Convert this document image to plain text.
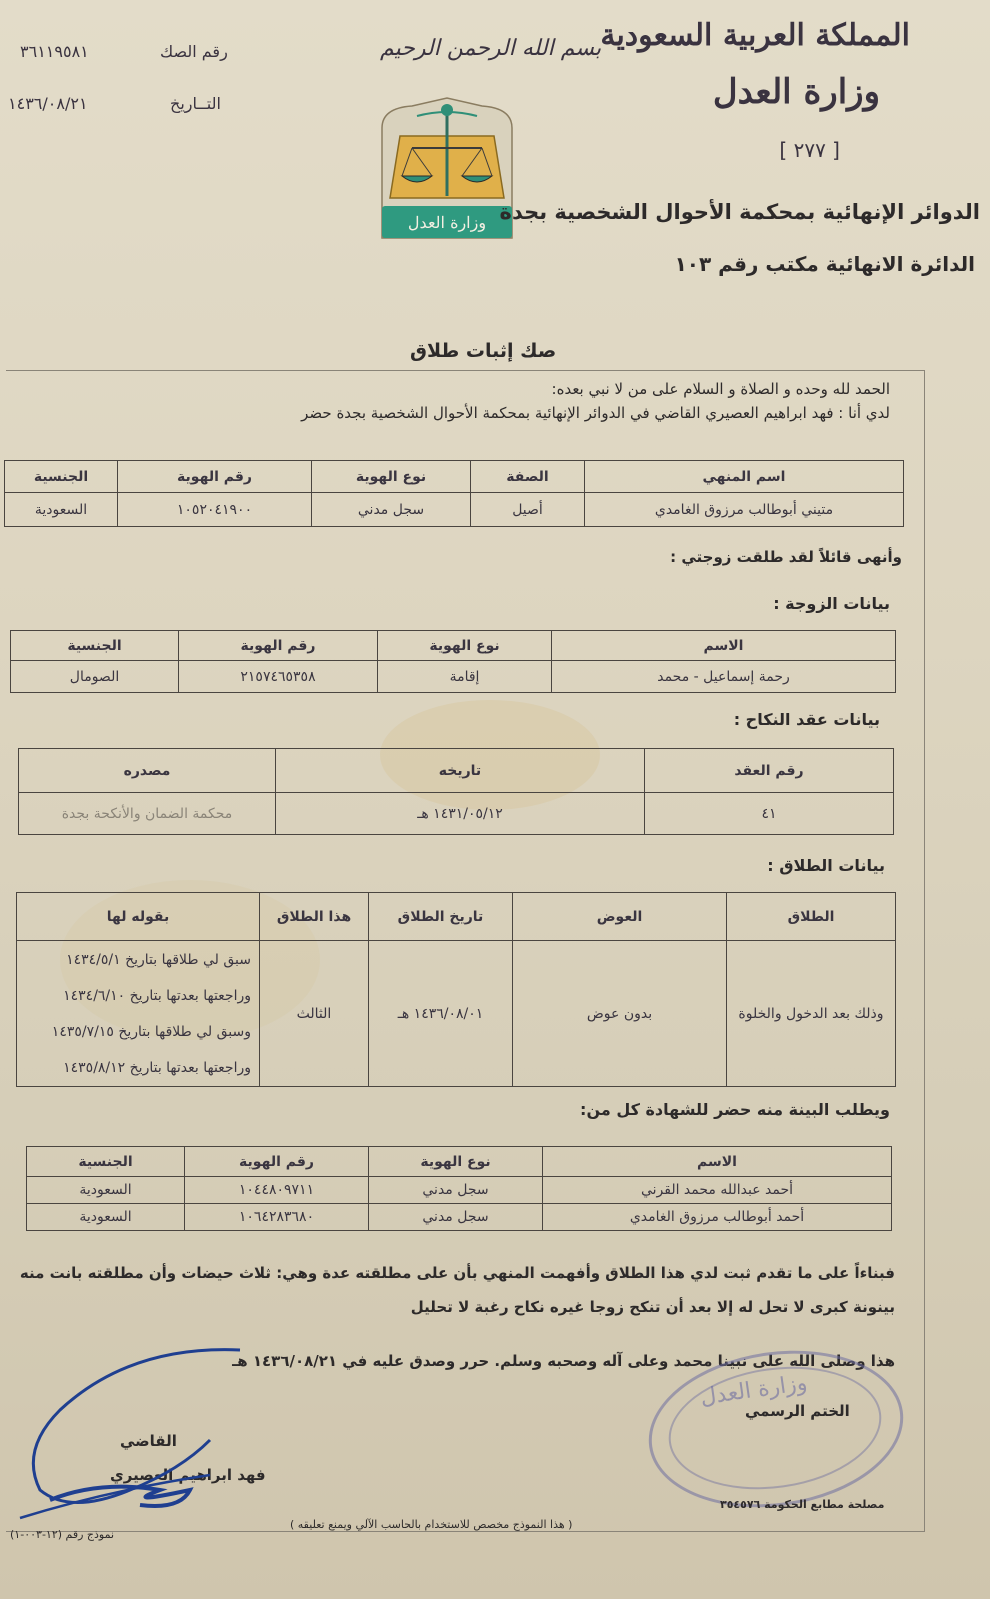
المملكة العربية السعودية
وزارة العدل
[ ٢٧٧ ]
بسم الله الرحمن الرحيم
رقم الصك
٣٦١١٩٥٨١
التــاريخ
١٤٣٦/٠٨/٢١
وزارة العدل الدوائر الإنهائية بمحكمة الأحوال الشخصية بجدة
الدائرة الانهائية مكتب رقم ١٠٣
صك إثبات طلاق
الحمد لله وحده و الصلاة و السلام على من لا نبي بعده:
لدي أنا : فهد ابراهيم العصيري القاضي في الدوائر الإنهائية بمحكمة الأحوال الشخصية بجدة حضر
اسم المنهي	الصفة	نوع الهوية	رقم الهوية	الجنسية
متيني أبوطالب مرزوق الغامدي	أصيل	سجل مدني	١٠٥٢٠٤١٩٠٠	السعودية
وأنهى قائلاً لقد طلقت زوجتي :
بيانات الزوجة :
الاسم	نوع الهوية	رقم الهوية	الجنسية
رحمة إسماعيل - محمد	إقامة	٢١٥٧٤٦٥٣٥٨	الصومال
بيانات عقد النكاح :
رقم العقد	تاريخه	مصدره
٤١	١٤٣١/٠٥/١٢ هـ	محكمة الضمان والأنكحة بجدة
بيانات الطلاق :
الطلاق	العوض	تاريخ الطلاق	هذا الطلاق	بقوله لها
وذلك بعد الدخول والخلوة	بدون عوض	١٤٣٦/٠٨/٠١ هـ	الثالث	سبق لي طلاقها بتاريخ ١٤٣٤/٥/١
وراجعتها بعدتها بتاريخ ١٤٣٤/٦/١٠
وسبق لي طلاقها بتاريخ ١٤٣٥/٧/١٥
وراجعتها بعدتها بتاريخ ١٤٣٥/٨/١٢
ويطلب البينة منه حضر للشهادة كل من:
الاسم	نوع الهوية	رقم الهوية	الجنسية
أحمد عبدالله محمد القرني	سجل مدني	١٠٤٤٨٠٩٧١١	السعودية
أحمد أبوطالب مرزوق الغامدي	سجل مدني	١٠٦٤٢٨٣٦٨٠	السعودية
فبناءاً على ما تقدم ثبت لدي هذا الطلاق وأفهمت المنهي بأن على مطلقته عدة وهي: ثلاث حيضات وأن مطلقته بانت منه
بينونة كبرى لا تحل له إلا بعد أن تنكح زوجا غيره نكاح رغبة لا تحليل
هذا وصلى الله على نبينا محمد وعلى آله وصحبه وسلم. حرر وصدق عليه في ١٤٣٦/٠٨/٢١ هـ
القاضي
فهد ابراهيم العصيري
وزارة العدل
الختم الرسمي
نموذج رقم (١٢-٠٠٣-١)
( هذا النموذج مخصص للاستخدام بالحاسب الآلي ويمنع تعليقه )
مصلحة مطابع الحكومة ٣٥٤٥٧٦
